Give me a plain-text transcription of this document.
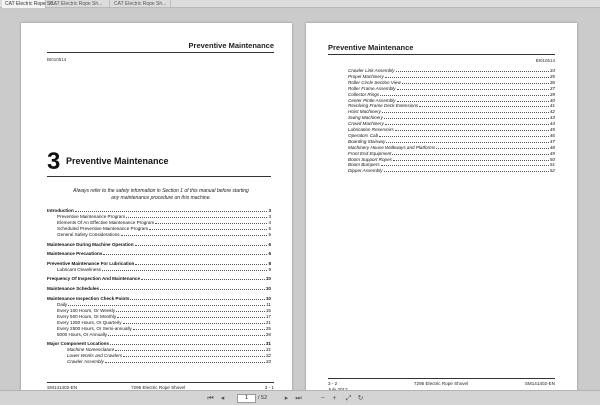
CAT Electric Rope Sh...
CAT Electric Rope Sh...	CAT Electric Rope Sh...
Preventive Maintenance
BI010514
3 Preventive Maintenance
Always refer to the safety information in Section 1 of this manual before starting any maintenance procedure on this machine.
Introduction	3
Preventive Maintenance Program	3
Elements Of An Effective Maintenance Program	4
Scheduled Preventive Maintenance Program	5
General Safety Considerations	5
Maintenance During Machine Operation	6
Maintenance Precautions	6
Preventive Maintenance For Lubrication	8
Lubricant Cleanliness	9
Frequency Of Inspection And Maintenance	10
Maintenance Schedules	10
Maintenance Inspection Check Points	10
Daily	11
Every 100 Hours, Or Weekly	15
Every 500 Hours, Or Monthly	17
Every 1250 Hours, Or Quarterly	21
Every 2500 Hours, Or Semi-annually	25
5000 Hours, Or Annually	28
Major Component Locations	31
Machine Nomenclature	31
Lower Works and Crawlers	32
Crawler Assembly	33
SM141402-EN	7295 Electric Rope Shovel	3 - 1
Preventive Maintenance
BI010514
Crawler Link Assembly	34
Propel Machinery	35
Roller Circle Section View	36
Roller Frame Assembly	37
Collector Rings	39
Center Pintle Assembly	40
Revolving Frame Deck Extensions	41
Hoist Machinery	42
Swing Machinery	43
Crowd Machinery	44
Lubrication Reservoirs	45
Operators Cab	46
Boarding Stairway	47
Machinery House Walkways and Platforms	48
Front End Equipment	49
Boom Support Ropes	50
Boom Bumpers	51
Dipper Assembly	52
3 - 2	7295 Electric Rope Shovel	SM141402-EN
⏮	◂	1	/ 52	▸	⏭	−	+	⤢ ↻
